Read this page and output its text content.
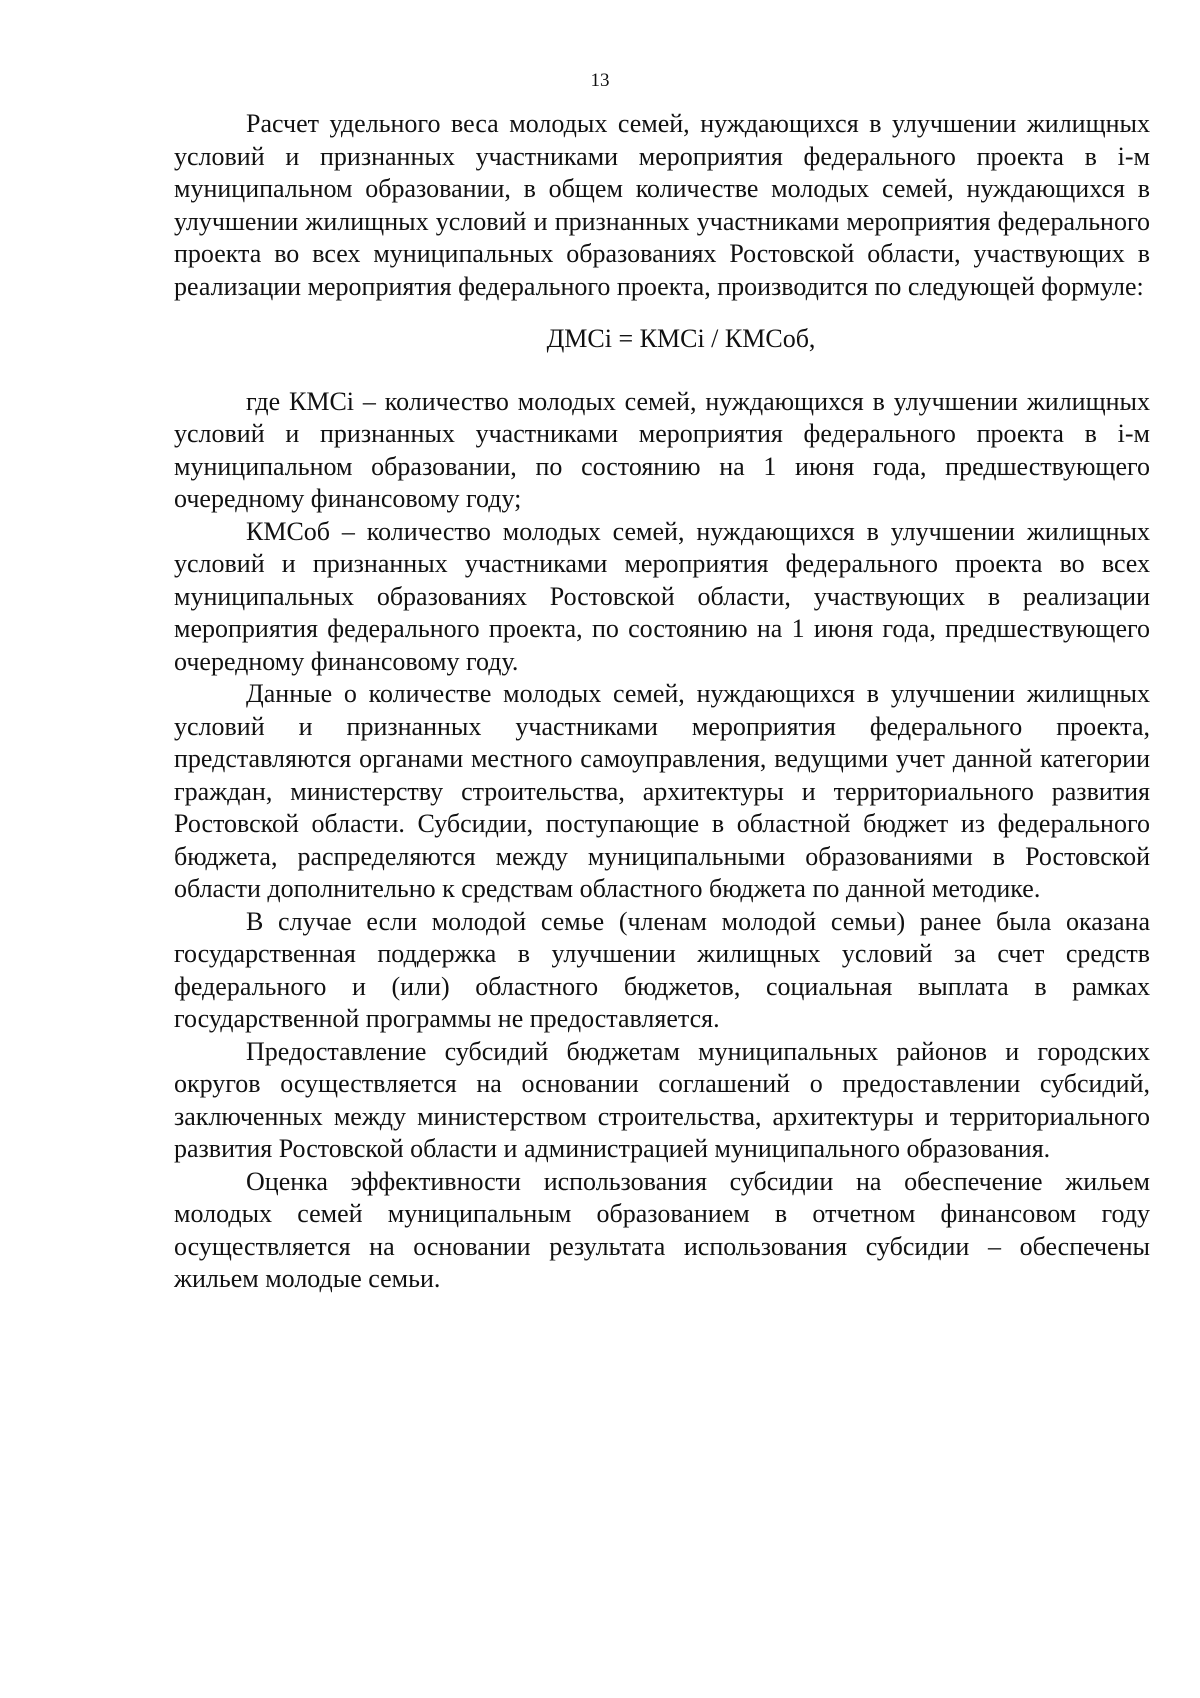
13

Расчет удельного веса молодых семей, нуждающихся в улучшении жилищных условий и признанных участниками мероприятия федерального проекта в i-м муниципальном образовании, в общем количестве молодых семей, нуждающихся в улучшении жилищных условий и признанных участниками мероприятия федерального проекта во всех муниципальных образованиях Ростовской области, участвующих в реализации мероприятия федерального проекта, производится по следующей формуле:

ДМСi = КМСi / КМСоб,

где КМСi – количество молодых семей, нуждающихся в улучшении жилищных условий и признанных участниками мероприятия федерального проекта в i-м муниципальном образовании, по состоянию на 1 июня года, предшествующего очередному финансовому году;

КМСоб – количество молодых семей, нуждающихся в улучшении жилищных условий и признанных участниками мероприятия федерального проекта во всех муниципальных образованиях Ростовской области, участвующих в реализации мероприятия федерального проекта, по состоянию на 1 июня года, предшествующего очередному финансовому году.

Данные о количестве молодых семей, нуждающихся в улучшении жилищных условий и признанных участниками мероприятия федерального проекта, представляются органами местного самоуправления, ведущими учет данной категории граждан, министерству строительства, архитектуры и территориального развития Ростовской области. Субсидии, поступающие в областной бюджет из федерального бюджета, распределяются между муниципальными образованиями в Ростовской области дополнительно к средствам областного бюджета по данной методике.

В случае если молодой семье (членам молодой семьи) ранее была оказана государственная поддержка в улучшении жилищных условий за счет средств федерального и (или) областного бюджетов, социальная выплата в рамках государственной программы не предоставляется.

Предоставление субсидий бюджетам муниципальных районов и городских округов осуществляется на основании соглашений о предоставлении субсидий, заключенных между министерством строительства, архитектуры и территориального развития Ростовской области и администрацией муниципального образования.

Оценка эффективности использования субсидии на обеспечение жильем молодых семей муниципальным образованием в отчетном финансовом году осуществляется на основании результата использования субсидии – обеспечены жильем молодые семьи.
